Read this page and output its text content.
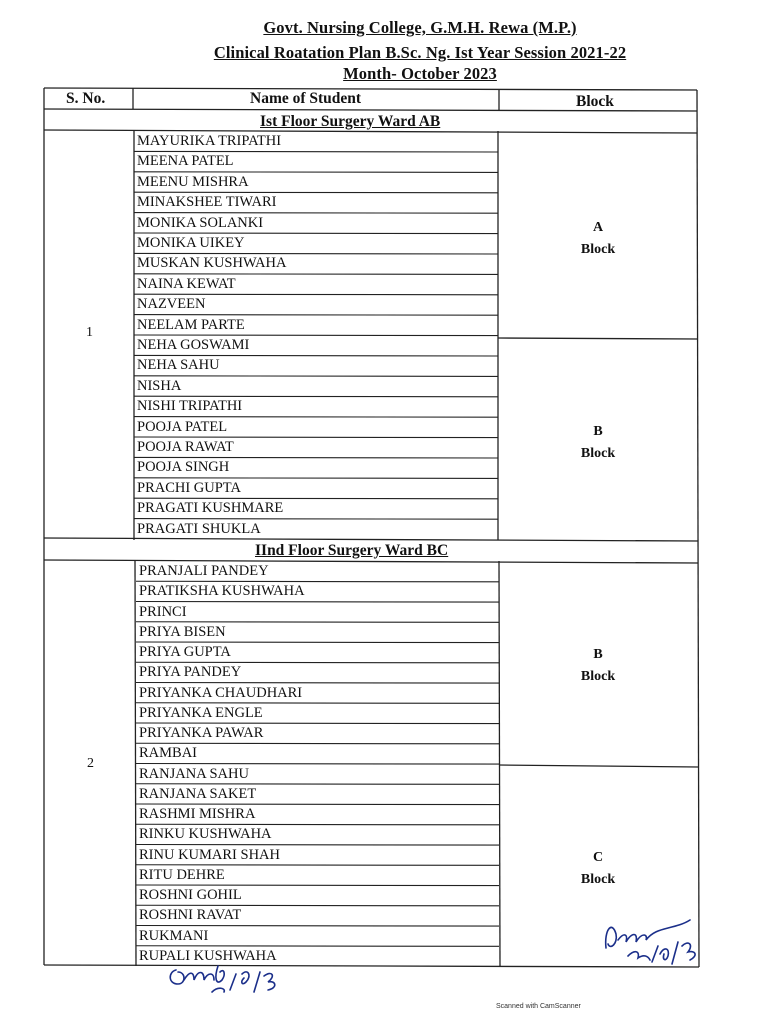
Govt. Nursing College, G.M.H. Rewa (M.P.)
Clinical Roatation Plan B.Sc. Ng. Ist Year Session 2021-22
Month- October 2023
S. No.	Name of Student	Block
Ist Floor Surgery Ward AB
IInd Floor Surgery Ward BC
1
2
A
Block
B
Block
B
Block
C
Block
MAYURIKA TRIPATHI
MEENA PATEL
MEENU MISHRA
MINAKSHEE TIWARI
MONIKA SOLANKI
MONIKA UIKEY
MUSKAN KUSHWAHA
NAINA KEWAT
NAZVEEN
NEELAM PARTE
NEHA GOSWAMI
NEHA SAHU
NISHA
NISHI TRIPATHI
POOJA PATEL
POOJA RAWAT
POOJA SINGH
PRACHI GUPTA
PRAGATI KUSHMARE
PRAGATI SHUKLA
PRANJALI PANDEY
PRATIKSHA KUSHWAHA
PRINCI
PRIYA BISEN
PRIYA GUPTA
PRIYA PANDEY
PRIYANKA CHAUDHARI
PRIYANKA ENGLE
PRIYANKA PAWAR
RAMBAI
RANJANA SAHU
RANJANA SAKET
RASHMI MISHRA
RINKU KUSHWAHA
RINU KUMARI SHAH
RITU DEHRE
ROSHNI GOHIL
ROSHNI RAVAT
RUKMANI
RUPALI KUSHWAHA
Scanned with CamScanner
